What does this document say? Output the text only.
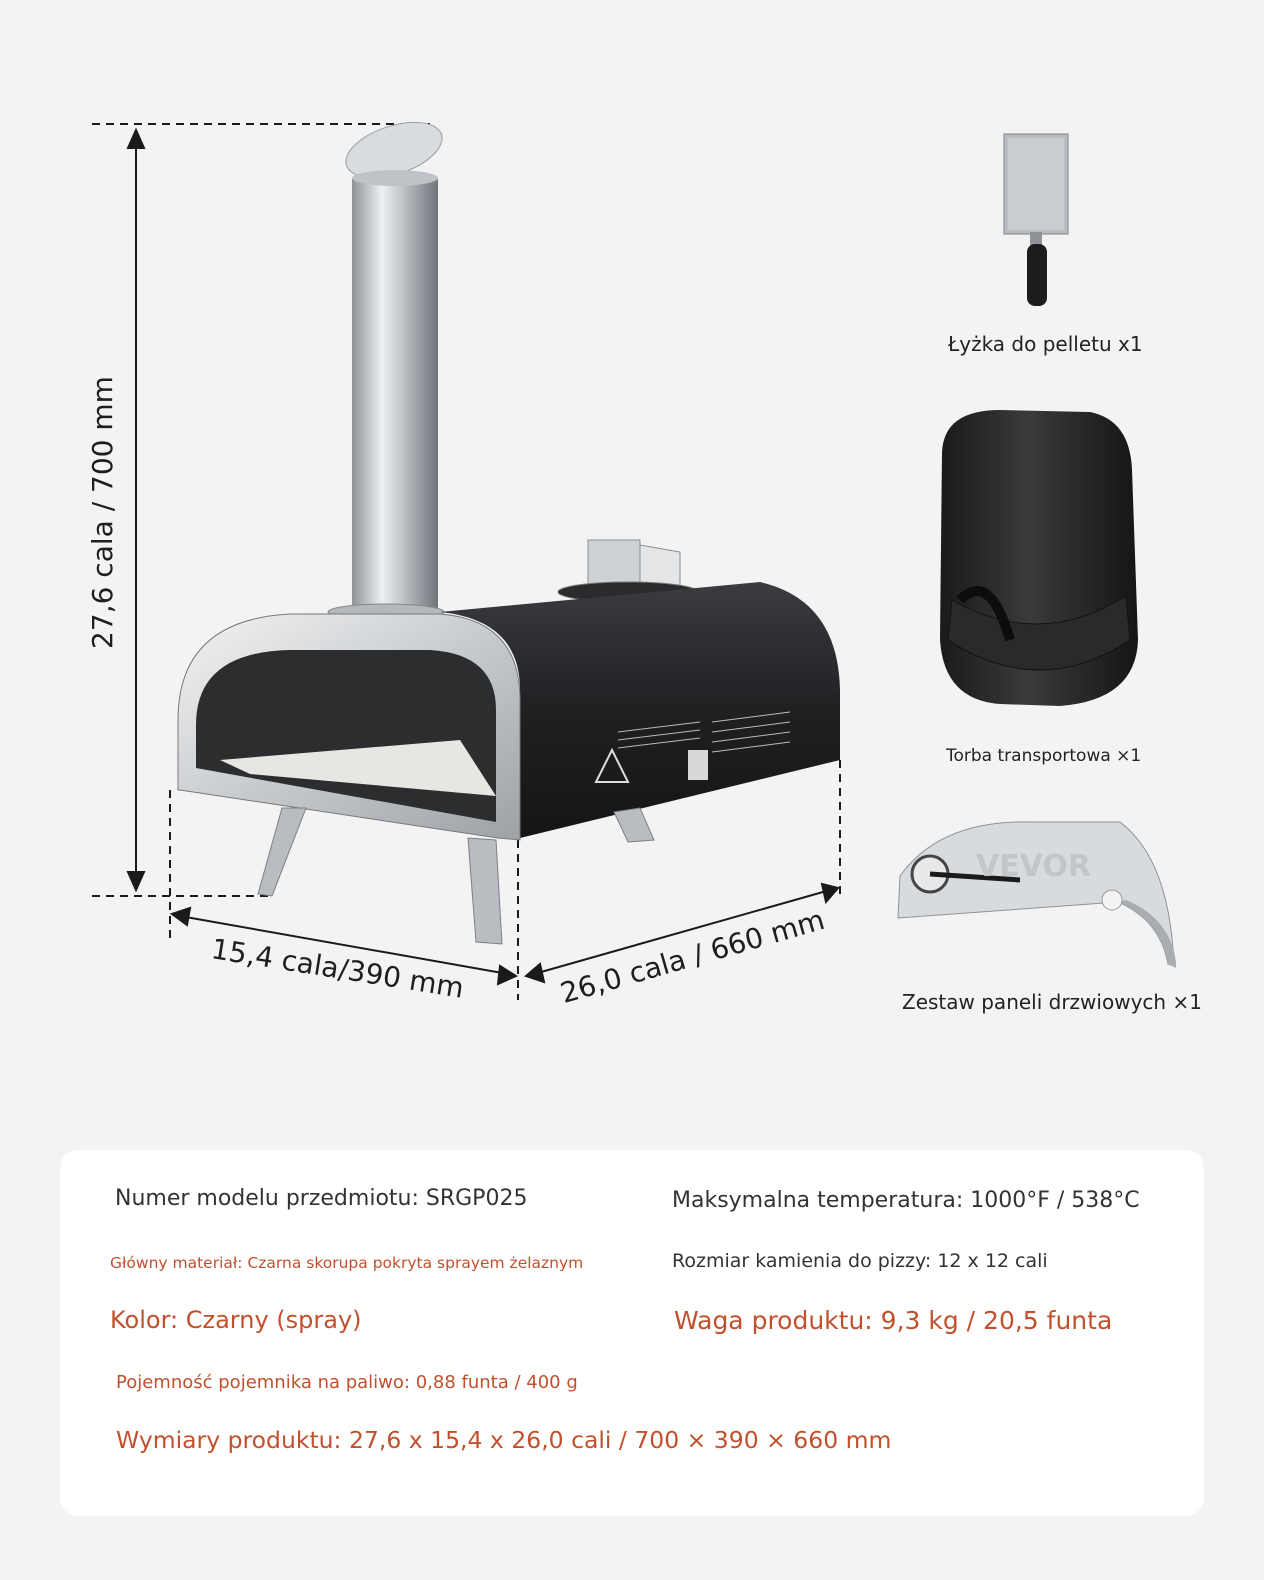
VEVOR
27,6 cala / 700 mm
15,4 cala/390 mm	26,0 cala / 660 mm
Łyżka do pelletu x1
Torba transportowa ×1
Zestaw paneli drzwiowych ×1
Numer modelu przedmiotu: SRGP025	Maksymalna temperatura: 1000°F / 538°C
Główny materiał: Czarna skorupa pokryta sprayem żelaznym	Rozmiar kamienia do pizzy: 12 x 12 cali
Kolor: Czarny (spray)	Waga produktu: 9,3 kg / 20,5 funta
Pojemność pojemnika na paliwo: 0,88 funta / 400 g
Wymiary produktu: 27,6 x 15,4 x 26,0 cali / 700 × 390 × 660 mm
